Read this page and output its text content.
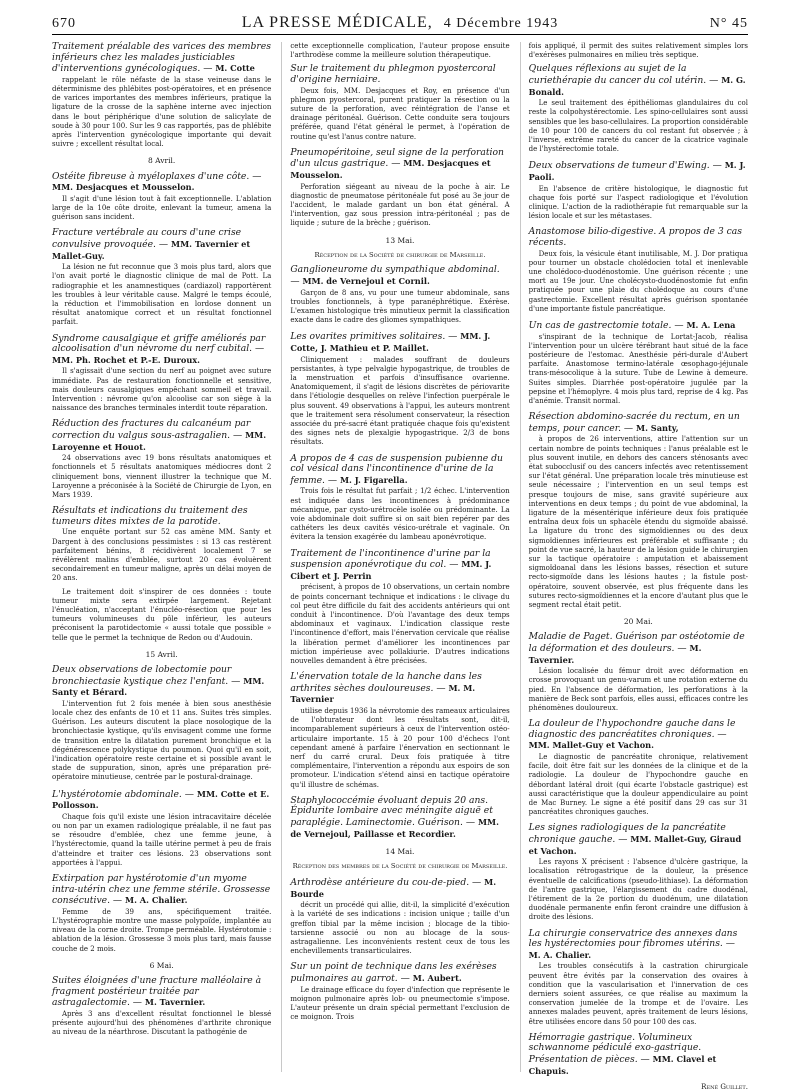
670	LA PRESSE MÉDICALE, 4 Décembre 1943	N° 45
Traitement préalable des varices des membres inférieurs chez les malades justiciables d'interventions gynécologiques. — M. Cotte

rappelant le rôle néfaste de la stase veineuse dans le déterminisme des phlébites post-opératoires, et en présence de varices importantes des membres inférieurs, pratique la ligature de la crosse de la saphène interne avec injection dans le bout périphérique d'une solution de salicylate de soude à 30 pour 100. Sur les 9 cas rapportés, pas de phlébite après l'intervention gynécologique importante qui devait suivre ; excellent résultat local.

8 Avril.
Ostéite fibreuse à myéloplaxes d'une côte. — MM. Desjacques et Mousselon.

Il s'agit d'une lésion tout à fait exceptionnelle. L'ablation large de la 10e côte droite, enlevant la tumeur, amena la guérison sans incident.

Fracture vertébrale au cours d'une crise convulsive provoquée. — MM. Tavernier et Mallet-Guy.

La lésion ne fut reconnue que 3 mois plus tard, alors que l'on avait porté le diagnostic clinique de mal de Pott. La radiographie et les anamnestiques (cardiazol) rapportèrent les troubles à leur véritable cause. Malgré le temps écoulé, la réduction et l'immobilisation en lordose donnent un résultat anatomique correct et un résultat fonctionnel parfait.

Syndrome causalgique et griffe améliorés par alcoolisation d'un névrome du nerf cubital. — MM. Ph. Rochet et P.-E. Duroux.

Il s'agissait d'une section du nerf au poignet avec suture immédiate. Pas de restauration fonctionnelle et sensitive, mais douleurs causalgiques empêchant sommeil et travail. Intervention : névrome qu'on alcoolise car son siège à la naissance des branches terminales interdit toute réparation.

Réduction des fractures du calcanéum par correction du valgus sous-astragalien. — MM. Laroyenne et Houot.

24 observations avec 19 bons résultats anatomiques et fonctionnels et 5 résultats anatomiques médiocres dont 2 cliniquement bons, viennent illustrer la technique que M. Laroyenne a préconisée à la Société de Chirurgie de Lyon, en Mars 1939.

Résultats et indications du traitement des tumeurs dites mixtes de la parotide.

Une enquête portant sur 52 cas amène MM. Santy et Dargent à des conclusions pessimistes : si 13 cas restèrent parfaitement bénins, 8 récidivèrent localement 7 se révélèrent malins d'emblée, surtout 20 cas évoluèrent secondairement en tumeur maligne, après un délai moyen de 20 ans.

Le traitement doit s'inspirer de ces données : toute tumeur mixte sera extirpée largement. Rejetant l'énucléation, n'acceptant l'énucléo-résection que pour les tumeurs volumineuses du pôle inférieur, les auteurs préconisent la parotidectomie « aussi totale que possible » telle que le permet la technique de Redon ou d'Audouin.

15 Avril.
Deux observations de lobectomie pour bronchiectasie kystique chez l'enfant. — MM. Santy et Bérard.

L'intervention fut 2 fois menée à bien sous anesthésie locale chez des enfants de 10 et 11 ans. Suites très simples. Guérison. Les auteurs discutent la place nosologique de la bronchiectasie kystique, qu'ils envisagent comme une forme de transition entre la dilatation purement bronchique et la dégénérescence polykystique du poumon. Quoi qu'il en soit, l'indication opératoire reste certaine et si possible avant le stade de suppuration, sinon, après une préparation pré-opératoire minutieuse, centrée par le postural-drainage.

L'hystérotomie abdominale. — MM. Cotte et E. Pollosson.

Chaque fois qu'il existe une lésion intracavitaire décelée ou non par un examen radiologique préalable, il ne faut pas se résoudre d'emblée, chez une femme jeune, à l'hystérectomie, quand la taille utérine permet à peu de frais d'atteindre et traiter ces lésions. 23 observations sont apportées à l'appui.

Extirpation par hystérotomie d'un myome intra-utérin chez une femme stérile. Grossesse consécutive. — M. A. Chalier.

Femme de 39 ans, spécifiquement traitée. L'hystérographie montre une masse polypoïde, implantée au niveau de la corne droite. Trompe perméable. Hystérotomie : ablation de la lésion. Grossesse 3 mois plus tard, mais fausse couche de 2 mois.

6 Mai.
Suites éloignées d'une fracture malléolaire à fragment postérieur traitée par astragalectomie. — M. Tavernier.

Après 3 ans d'excellent résultat fonctionnel le blessé présente aujourd'hui des phénomènes d'arthrite chronique au niveau de la néarthrose. Discutant la pathogénie de

cette exceptionnelle complication, l'auteur propose ensuite l'arthrodèse comme la meilleure solution thérapeutique.

Sur le traitement du phlegmon pyostercoral d'origine herniaire.

Deux fois, MM. Desjacques et Roy, en présence d'un phlegmon pyostercoral, purent pratiquer la résection ou la suture de la perforation, avec réintégration de l'anse et drainage péritonéal. Guérison. Cette conduite sera toujours préférée, quand l'état général le permet, à l'opération de routine qu'est l'anus contre nature.

Pneumopéritoine, seul signe de la perforation d'un ulcus gastrique. — MM. Desjacques et Mousselon.

Perforation siégeant au niveau de la poche à air. Le diagnostic de pneumatose péritonéale fut posé au 3e jour de l'accident, le malade gardant un bon état général. A l'intervention, gaz sous pression intra-péritonéal ; pas de liquide ; suture de la brèche ; guérison.

13 Mai.
Réception de la Société de chirurgie de Marseille.
Ganglioneurome du sympathique abdominal. — MM. de Vernejoul et Cornil.

Garçon de 8 ans, vu pour une tumeur abdominale, sans troubles fonctionnels, à type paranéphrétique. Exérèse. L'examen histologique très minutieux permit la classification exacte dans le cadre des gliomes sympathiques.

Les ovarites primitives solitaires. — MM. J. Cotte, J. Mathieu et P. Maillet.

Cliniquement : malades souffrant de douleurs persistantes, à type pelvalgie hypogastrique, de troubles de la menstruation et parfois d'insuffisance ovarienne. Anatomiquement, il s'agit de lésions discrètes de périovarite dans l'étiologie desquelles on relève l'infection puerpérale le plus souvent. 49 observations à l'appui, les auteurs montrent que le traitement sera résolument conservateur, la résection associée du pré-sacré étant pratiquée chaque fois qu'existent des signes nets de plexalgie hypogastrique. 2/3 de bons résultats.

A propos de 4 cas de suspension pubienne du col vésical dans l'incontinence d'urine de la femme. — M. J. Figarella.

Trois fois le résultat fut parfait ; 1/2 échec. L'intervention est indiquée dans les incontinences à prédominance mécanique, par cysto-urétrocèle isolée ou prédominante. La voie abdominale doit suffire si on sait bien repérer par des cathéters les deux cavités vésico-urétrale et vaginale. On évitera la tension exagérée du lambeau aponévrotique.

Traitement de l'incontinence d'urine par la suspension aponévrotique du col. — MM. J. Cibert et J. Perrin

précisent, à propos de 10 observations, un certain nombre de points concernant technique et indications : le clivage du col peut être difficile du fait des accidents antérieurs qui ont conduit à l'incontinence. D'où l'avantage des deux temps abdominaux et vaginaux. L'indication classique reste l'incontinence d'effort, mais l'énervation cervicale que réalise la libération permet d'améliorer les incontinences par miction impérieuse avec pollakiurie. D'autres indications nouvelles demandent à être précisées.

L'énervation totale de la hanche dans les arthrites sèches douloureuses. — M. M. Tavernier

utilise depuis 1936 la névrotomie des rameaux articulaires de l'obturateur dont les résultats sont, dit-il, incomparablement supérieurs à ceux de l'intervention ostéo-articulaire importante. 15 à 20 pour 100 d'échecs l'ont cependant amené à parfaire l'énervation en sectionnant le nerf du carré crural. Deux fois pratiquée à titre complémentaire, l'intervention a répondu aux espoirs de son promoteur. L'indication s'étend ainsi en tactique opératoire qu'il illustre de schémas.

Staphylococcémie évoluant depuis 20 ans. Épidurite lombaire avec méningite aiguë et paraplégie. Laminectomie. Guérison. — MM. de Vernejoul, Paillasse et Recordier.
14 Mai.
Réception des membres de la Société de chirurgie de Marseille.
Arthrodèse antérieure du cou-de-pied. — M. Bourde

décrit un procédé qui allie, dit-il, la simplicité d'exécution à la variété de ses indications : incision unique ; taille d'un greffon tibial par la même incision ; blocage de la tibio-tarsienne associé ou non au blocage de la sous-astragalienne. Les inconvénients restent ceux de tous les enchevillements transarticulaires.

Sur un point de technique dans les exérèses pulmonaires au garrot. — M. Aubert.

Le drainage efficace du foyer d'infection que représente le moignon pulmonaire après lob- ou pneumectomie s'impose. L'auteur présente un drain spécial permettant l'exclusion de ce moignon. Trois

fois appliqué, il permit des suites relativement simples lors d'exérèses pulmonaires en milieu très septique.

Quelques réflexions au sujet de la curiethérapie du cancer du col utérin. — M. G. Bonald.

Le seul traitement des épithéliomas glandulaires du col reste la colpohystérectomie. Les spino-cellulaires sont aussi sensibles que les baso-cellulaires. La proportion considérable de 10 pour 100 de cancers du col restant fut observée ; à l'inverse, extrême rareté du cancer de la cicatrice vaginale de l'hystérectomie totale.

Deux observations de tumeur d'Ewing. — M. J. Paoli.

En l'absence de critère histologique, le diagnostic fut chaque fois porté sur l'aspect radiologique et l'évolution clinique. L'action de la radiothérapie fut remarquable sur la lésion locale et sur les métastases.

Anastomose bilio-digestive. A propos de 3 cas récents.

Deux fois, la vésicule étant inutilisable, M. J. Dor pratiqua pour tourner un obstacle cholédocien total et inenlevable une cholédoco-duodénostomie. Une guérison récente ; une mort au 19e jour. Une cholécysto-duodénostomie fut enfin pratiquée pour une plaie du cholédoque au cours d'une gastrectomie. Excellent résultat après guérison spontanée d'une importante fistule pancréatique.

Un cas de gastrectomie totale. — M. A. Lena

s'inspirant de la technique de Lortat-Jacob, réalisa l'intervention pour un ulcère térébrant haut situé de la face postérieure de l'estomac. Anesthésie péri-durale d'Aubert parfaite. Anastomose termino-latérale œsophago-jéjunale trans-mésocolique à la suture. Tube de Lewine à demeure. Suites simples. Diarrhée post-opératoire jugulée par la pepsine et l'hémoplyre. 4 mois plus tard, reprise de 4 kg. Pas d'anémie. Transit normal.

Résection abdomino-sacrée du rectum, en un temps, pour cancer. — M. Santy,

à propos de 26 interventions, attire l'attention sur un certain nombre de points techniques : l'anus préalable est le plus souvent inutile, en dehors des cancers sténosants avec état subocclusif ou des cancers infectés avec retentissement sur l'état général. Une préparation locale très minutieuse est seule nécessaire ; l'intervention en un seul temps est presque toujours de mise, sans gravité supérieure aux interventions en deux temps ; du point de vue abdominal, la ligature de la mésentérique inférieure deux fois pratiquée entraîna deux fois un sphacèle étendu du sigmoïde abaissé. La ligature du tronc des sigmoïdiennes ou des deux sigmoïdiennes inférieures est préférable et suffisante ; du point de vue sacré, la hauteur de la lésion guide le chirurgien sur la tactique opératoire : amputation et abaissement sigmoïdoanal dans les lésions basses, résection et suture recto-sigmoïde dans les lésions hautes ; la fistule post-opératoire, souvent observée, est plus fréquente dans les sutures recto-sigmoïdiennes et la encore d'autant plus que le segment rectal était petit.

20 Mai.
Maladie de Paget. Guérison par ostéotomie de la déformation et des douleurs. — M. Tavernier.

Lésion localisée du fémur droit avec déformation en crosse provoquant un genu-varum et une rotation externe du pied. En l'absence de déformation, les perforations à la manière de Beck sont parfois, elles aussi, efficaces contre les phénomènes douloureux.

La douleur de l'hypochondre gauche dans le diagnostic des pancréatites chroniques. — MM. Mallet-Guy et Vachon.

Le diagnostic de pancréatite chronique, relativement facile, doit être fait sur les données de la clinique et de la radiologie. La douleur de l'hypochondre gauche en débordant latéral droit (qui écarte l'obstacle gastrique) est aussi caractéristique que la douleur appendiculaire au point de Mac Burney. Le signe a été positif dans 29 cas sur 31 pancréatites chroniques gauches.

Les signes radiologiques de la pancréatite chronique gauche. — MM. Mallet-Guy, Giraud et Vachon.

Les rayons X précisent : l'absence d'ulcère gastrique, la localisation rétrogastrique de la douleur, la présence éventuelle de calcifications (pseudo-lithiase). La déformation de l'antre gastrique, l'élargissement du cadre duodénal, l'étirement de la 2e portion du duodénum, une dilatation duodénale permanente enfin feront craindre une diffusion à droite des lésions.

La chirurgie conservatrice des annexes dans les hystérectomies pour fibromes utérins. — M. A. Chalier.

Les troubles consécutifs à la castration chirurgicale peuvent être évités par la conservation des ovaires à condition que la vascularisation et l'innervation de ces derniers soient assurées, ce que réalise au maximum la conservation jumelée de la trompe et de l'ovaire. Les annexes malades peuvent, après traitement de leurs lésions, être utilisées encore dans 50 pour 100 des cas.

Hémorragie gastrique. Volumineux schwannome pédiculé exo-gastrique. Présentation de pièces. — MM. Clavel et Chapuis.
René Guillet.
